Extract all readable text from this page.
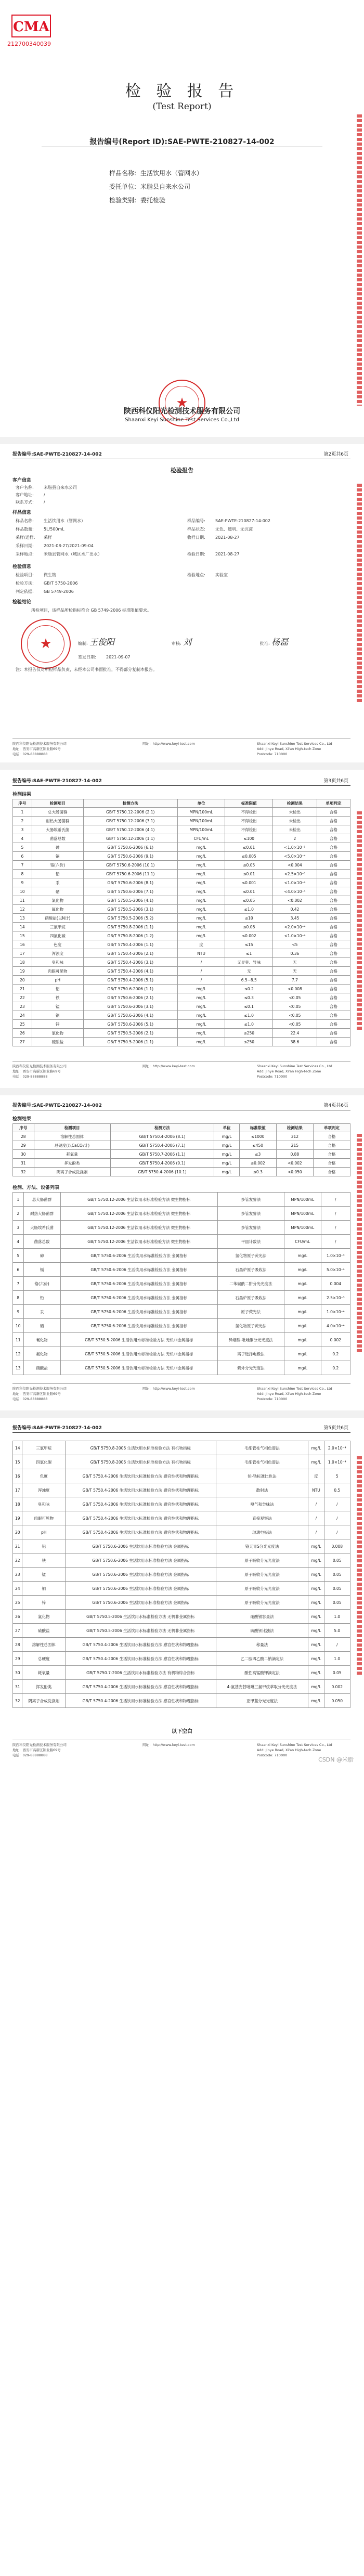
CMA
212700340039
检 验 报 告
(Test Report)
报告编号(Report ID):SAE-PWTE-210827-14-002
样品名称: 生活饮用水（管网水）
委托单位: 米脂县自来水公司
检验类别: 委托检验
★
陕西科仪阳光检测技术服务有限公司
Shaanxi Keyi Sunshine Test Services Co.,Ltd
报告编号:SAE-PWTE-210827-14-002	第2页共6页
检验报告
客户信息
客户名称: 米脂县自来水公司
客户地址: /
联系方式: /
样品信息
样品名称: 生活饮用水（管网水）
样品数量: 5L/500mL
采样/送样: 采样
采样日期: 2021-08-27/2021-09-04
采样地点: 米脂县管网水（城区水厂出水）
样品编号: SAE-PWTE-210827-14-002
样品状态: 无色、透明、无沉淀
收样日期: 2021-08-27
检验日期: 2021-08-27
检验信息
检验项目: 微生物	检验地点: 实验室
检验方法: GB/T 5750-2006
判定依据: GB 5749-2006
检验结论
所检项目，该样品所检指标符合 GB 5749-2006 标准限值要求。
★	编制: 王俊阳	审核: 刘	批准: 杨磊
签发日期: 2021-09-07
注：本报告仅对所检样品负责，未经本公司书面批准，不得部分复制本报告。
陕西科仪阳光检测技术服务有限公司
地址：西安市高新区锦业路69号
电话：029-88888888
网址：http://www.keyi-test.com	Shaanxi Keyi Sunshine Test Services Co., Ltd
Add: Jinye Road, Xi'an High-tech Zone
Postcode: 710000
报告编号:SAE-PWTE-210827-14-002	第3页共6页
检测结果
序号	检测项目	检测方法	单位	标准限值	检测结果	单项判定
1	总大肠菌群	GB/T 5750.12-2006 (2.1)	MPN/100mL	不得检出	未检出	合格
2	耐热大肠菌群	GB/T 5750.12-2006 (3.1)	MPN/100mL	不得检出	未检出	合格
3	大肠埃希氏菌	GB/T 5750.12-2006 (4.1)	MPN/100mL	不得检出	未检出	合格
4	菌落总数	GB/T 5750.12-2006 (1.1)	CFU/mL	≤100	2	合格
5	砷	GB/T 5750.6-2006 (6.1)	mg/L	≤0.01	<1.0×10⁻³	合格
6	镉	GB/T 5750.6-2006 (9.1)	mg/L	≤0.005	<5.0×10⁻⁴	合格
7	铬(六价)	GB/T 5750.6-2006 (10.1)	mg/L	≤0.05	<0.004	合格
8	铅	GB/T 5750.6-2006 (11.1)	mg/L	≤0.01	<2.5×10⁻³	合格
9	汞	GB/T 5750.6-2006 (8.1)	mg/L	≤0.001	<1.0×10⁻⁴	合格
10	硒	GB/T 5750.6-2006 (7.1)	mg/L	≤0.01	<4.0×10⁻⁴	合格
11	氰化物	GB/T 5750.5-2006 (4.1)	mg/L	≤0.05	<0.002	合格
12	氟化物	GB/T 5750.5-2006 (3.1)	mg/L	≤1.0	0.42	合格
13	硝酸盐(以N计)	GB/T 5750.5-2006 (5.2)	mg/L	≤10	3.45	合格
14	三氯甲烷	GB/T 5750.8-2006 (1.1)	mg/L	≤0.06	<2.0×10⁻⁴	合格
15	四氯化碳	GB/T 5750.8-2006 (1.2)	mg/L	≤0.002	<1.0×10⁻⁴	合格
16	色度	GB/T 5750.4-2006 (1.1)	度	≤15	<5	合格
17	浑浊度	GB/T 5750.4-2006 (2.1)	NTU	≤1	0.36	合格
18	臭和味	GB/T 5750.4-2006 (3.1)	/	无异臭、异味	无	合格
19	肉眼可见物	GB/T 5750.4-2006 (4.1)	/	无	无	合格
20	pH	GB/T 5750.4-2006 (5.1)	/	6.5~8.5	7.7	合格
21	铝	GB/T 5750.6-2006 (1.1)	mg/L	≤0.2	<0.008	合格
22	铁	GB/T 5750.6-2006 (2.1)	mg/L	≤0.3	<0.05	合格
23	锰	GB/T 5750.6-2006 (3.1)	mg/L	≤0.1	<0.05	合格
24	铜	GB/T 5750.6-2006 (4.1)	mg/L	≤1.0	<0.05	合格
25	锌	GB/T 5750.6-2006 (5.1)	mg/L	≤1.0	<0.05	合格
26	氯化物	GB/T 5750.5-2006 (2.1)	mg/L	≤250	22.4	合格
27	硫酸盐	GB/T 5750.5-2006 (1.1)	mg/L	≤250	38.6	合格
陕西科仪阳光检测技术服务有限公司
地址：西安市高新区锦业路69号
电话：029-88888888
网址：http://www.keyi-test.com	Shaanxi Keyi Sunshine Test Services Co., Ltd
Add: Jinye Road, Xi'an High-tech Zone
Postcode: 710000
报告编号:SAE-PWTE-210827-14-002	第4页共6页
检测结果
序号	检测项目	检测方法	单位	标准限值	检测结果	单项判定
28	溶解性总固体	GB/T 5750.4-2006 (8.1)	mg/L	≤1000	312	合格
29	总硬度(以CaCO₃计)	GB/T 5750.4-2006 (7.1)	mg/L	≤450	215	合格
30	耗氧量	GB/T 5750.7-2006 (1.1)	mg/L	≤3	0.88	合格
31	挥发酚类	GB/T 5750.4-2006 (9.1)	mg/L	≤0.002	<0.002	合格
32	阴离子合成洗涤剂	GB/T 5750.4-2006 (10.1)	mg/L	≤0.3	<0.050	合格
检测、方法、设备列表
1	总大肠菌群	GB/T 5750.12-2006 生活饮用水标准检验方法 微生物指标	多管发酵法	MPN/100mL	/
2	耐热大肠菌群	GB/T 5750.12-2006 生活饮用水标准检验方法 微生物指标	多管发酵法	MPN/100mL	/
3	大肠埃希氏菌	GB/T 5750.12-2006 生活饮用水标准检验方法 微生物指标	多管发酵法	MPN/100mL	/
4	菌落总数	GB/T 5750.12-2006 生活饮用水标准检验方法 微生物指标	平皿计数法	CFU/mL	/
5	砷	GB/T 5750.6-2006 生活饮用水标准检验方法 金属指标	氢化物原子荧光法	mg/L	1.0×10⁻³
6	镉	GB/T 5750.6-2006 生活饮用水标准检验方法 金属指标	石墨炉原子吸收法	mg/L	5.0×10⁻⁴
7	铬(六价)	GB/T 5750.6-2006 生活饮用水标准检验方法 金属指标	二苯碳酰二肼分光光度法	mg/L	0.004
8	铅	GB/T 5750.6-2006 生活饮用水标准检验方法 金属指标	石墨炉原子吸收法	mg/L	2.5×10⁻³
9	汞	GB/T 5750.6-2006 生活饮用水标准检验方法 金属指标	原子荧光法	mg/L	1.0×10⁻⁴
10	硒	GB/T 5750.6-2006 生活饮用水标准检验方法 金属指标	氢化物原子荧光法	mg/L	4.0×10⁻⁴
11	氰化物	GB/T 5750.5-2006 生活饮用水标准检验方法 无机非金属指标	异烟酸-吡唑酮分光光度法	mg/L	0.002
12	氟化物	GB/T 5750.5-2006 生活饮用水标准检验方法 无机非金属指标	离子选择电极法	mg/L	0.2
13	硝酸盐	GB/T 5750.5-2006 生活饮用水标准检验方法 无机非金属指标	紫外分光光度法	mg/L	0.2
陕西科仪阳光检测技术服务有限公司
地址：西安市高新区锦业路69号
电话：029-88888888
网址：http://www.keyi-test.com	Shaanxi Keyi Sunshine Test Services Co., Ltd
Add: Jinye Road, Xi'an High-tech Zone
Postcode: 710000
报告编号:SAE-PWTE-210827-14-002	第5页共6页
14	三氯甲烷	GB/T 5750.8-2006 生活饮用水标准检验方法 有机物指标	毛细管柱气相色谱法	mg/L	2.0×10⁻⁴
15	四氯化碳	GB/T 5750.8-2006 生活饮用水标准检验方法 有机物指标	毛细管柱气相色谱法	mg/L	1.0×10⁻⁴
16	色度	GB/T 5750.4-2006 生活饮用水标准检验方法 感官性状和物理指标	铂-钴标准比色法	度	5
17	浑浊度	GB/T 5750.4-2006 生活饮用水标准检验方法 感官性状和物理指标	散射法	NTU	0.5
18	臭和味	GB/T 5750.4-2006 生活饮用水标准检验方法 感官性状和物理指标	嗅气和尝味法	/	/
19	肉眼可见物	GB/T 5750.4-2006 生活饮用水标准检验方法 感官性状和物理指标	直接观察法	/	/
20	pH	GB/T 5750.4-2006 生活饮用水标准检验方法 感官性状和物理指标	玻璃电极法	/	/
21	铝	GB/T 5750.6-2006 生活饮用水标准检验方法 金属指标	铬天青S分光光度法	mg/L	0.008
22	铁	GB/T 5750.6-2006 生活饮用水标准检验方法 金属指标	原子吸收分光光度法	mg/L	0.05
23	锰	GB/T 5750.6-2006 生活饮用水标准检验方法 金属指标	原子吸收分光光度法	mg/L	0.05
24	铜	GB/T 5750.6-2006 生活饮用水标准检验方法 金属指标	原子吸收分光光度法	mg/L	0.05
25	锌	GB/T 5750.6-2006 生活饮用水标准检验方法 金属指标	原子吸收分光光度法	mg/L	0.05
26	氯化物	GB/T 5750.5-2006 生活饮用水标准检验方法 无机非金属指标	硝酸银容量法	mg/L	1.0
27	硫酸盐	GB/T 5750.5-2006 生活饮用水标准检验方法 无机非金属指标	硫酸钡比浊法	mg/L	5.0
28	溶解性总固体	GB/T 5750.4-2006 生活饮用水标准检验方法 感官性状和物理指标	称量法	mg/L	/
29	总硬度	GB/T 5750.4-2006 生活饮用水标准检验方法 感官性状和物理指标	乙二胺四乙酸二钠滴定法	mg/L	1.0
30	耗氧量	GB/T 5750.7-2006 生活饮用水标准检验方法 有机物综合指标	酸性高锰酸钾滴定法	mg/L	0.05
31	挥发酚类	GB/T 5750.4-2006 生活饮用水标准检验方法 感官性状和物理指标	4-氨基安替吡啉三氯甲烷萃取分光光度法	mg/L	0.002
32	阴离子合成洗涤剂	GB/T 5750.4-2006 生活饮用水标准检验方法 感官性状和物理指标	亚甲蓝分光光度法	mg/L	0.050
以下空白
陕西科仪阳光检测技术服务有限公司
地址：西安市高新区锦业路69号
电话：029-88888888
网址：http://www.keyi-test.com	Shaanxi Keyi Sunshine Test Services Co., Ltd
Add: Jinye Road, Xi'an High-tech Zone
Postcode: 710000
CSDN @米脂
